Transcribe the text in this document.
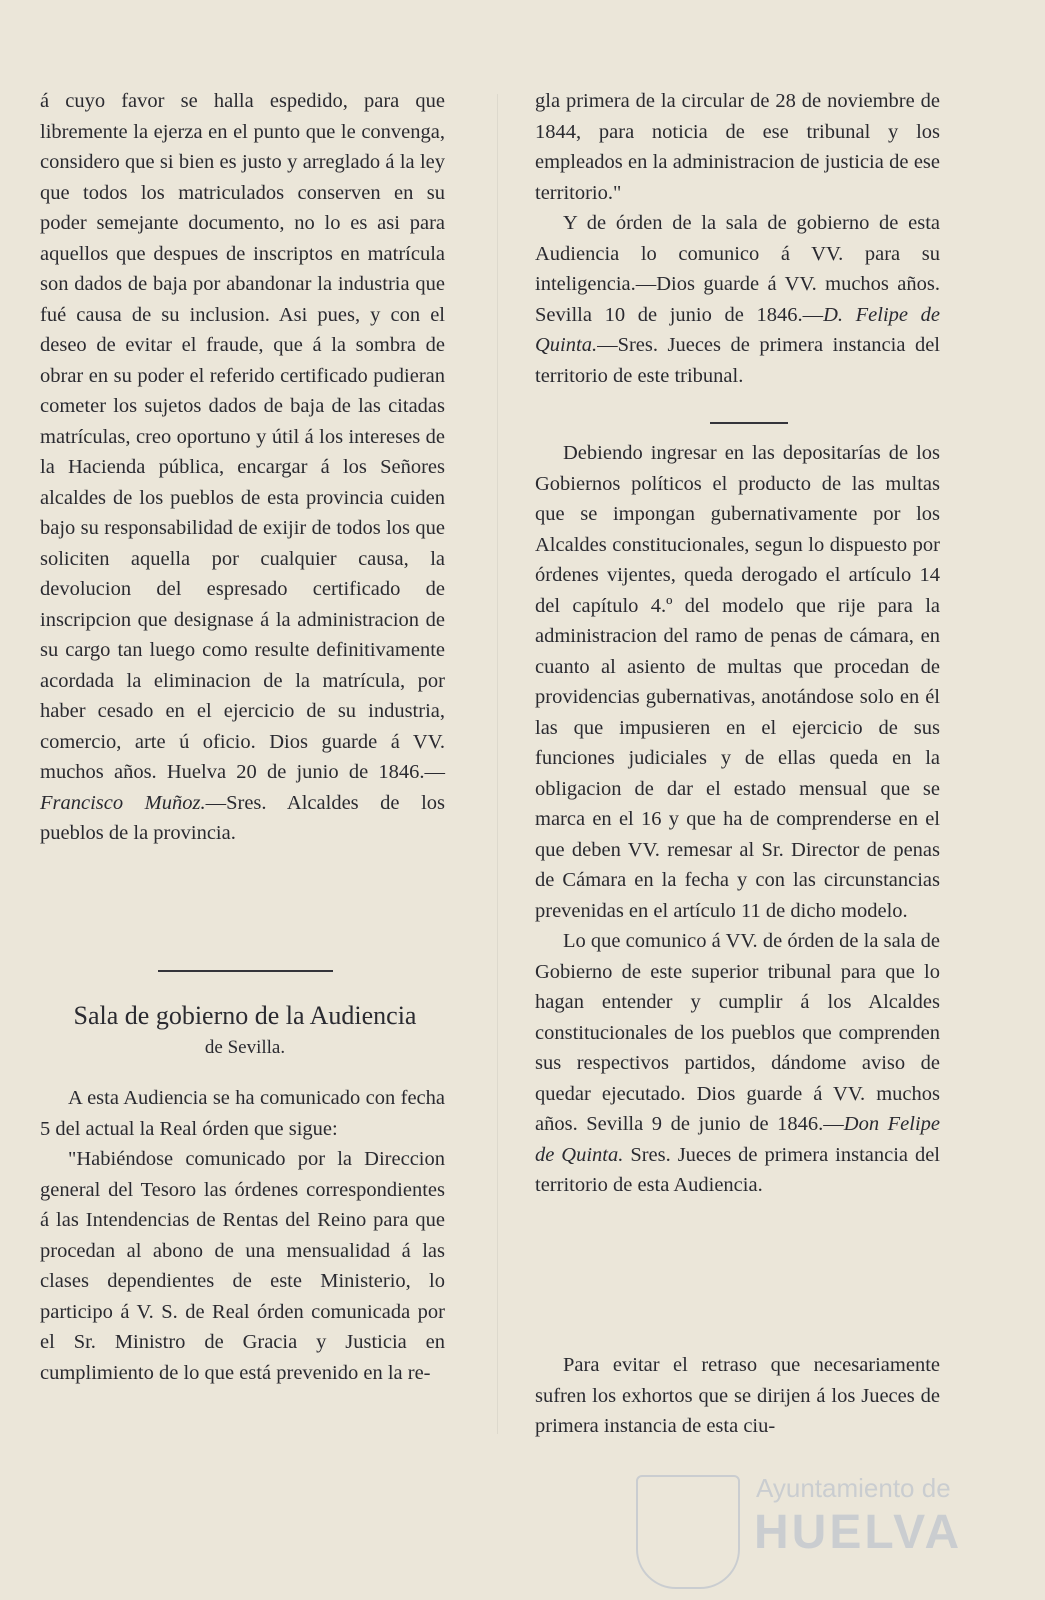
á cuyo favor se halla espedido, para que libremente la ejerza en el punto que le convenga, considero que si bien es justo y arreglado á la ley que todos los matriculados conserven en su poder semejante documento, no lo es asi para aquellos que despues de inscriptos en matrícula son dados de baja por abandonar la industria que fué causa de su inclusion. Asi pues, y con el deseo de evitar el fraude, que á la sombra de obrar en su poder el referido certificado pudieran cometer los sujetos dados de baja de las citadas matrículas, creo oportuno y útil á los intereses de la Hacienda pública, encargar á los Señores alcaldes de los pueblos de esta provincia cuiden bajo su responsabilidad de exijir de todos los que soliciten aquella por cualquier causa, la devolucion del espresado certificado de inscripcion que designase á la administracion de su cargo tan luego como resulte definitivamente acordada la eliminacion de la matrícula, por haber cesado en el ejercicio de su industria, comercio, arte ú oficio. Dios guarde á VV. muchos años. Huelva 20 de junio de 1846.—Francisco Muñoz.—Sres. Alcaldes de los pueblos de la provincia.

Sala de gobierno de la Audiencia
de Sevilla.

A esta Audiencia se ha comunicado con fecha 5 del actual la Real órden que sigue:

"Habiéndose comunicado por la Direccion general del Tesoro las órdenes correspondientes á las Intendencias de Rentas del Reino para que procedan al abono de una mensualidad á las clases dependientes de este Ministerio, lo participo á V. S. de Real órden comunicada por el Sr. Ministro de Gracia y Justicia en cumplimiento de lo que está prevenido en la re-

gla primera de la circular de 28 de noviembre de 1844, para noticia de ese tribunal y los empleados en la administracion de justicia de ese territorio."

Y de órden de la sala de gobierno de esta Audiencia lo comunico á VV. para su inteligencia.—Dios guarde á VV. muchos años. Sevilla 10 de junio de 1846.—D. Felipe de Quinta.—Sres. Jueces de primera instancia del territorio de este tribunal.

Debiendo ingresar en las depositarías de los Gobiernos políticos el producto de las multas que se impongan gubernativamente por los Alcaldes constitucionales, segun lo dispuesto por órdenes vijentes, queda derogado el artículo 14 del capítulo 4.º del modelo que rije para la administracion del ramo de penas de cámara, en cuanto al asiento de multas que procedan de providencias gubernativas, anotándose solo en él las que impusieren en el ejercicio de sus funciones judiciales y de ellas queda en la obligacion de dar el estado mensual que se marca en el 16 y que ha de comprenderse en el que deben VV. remesar al Sr. Director de penas de Cámara en la fecha y con las circunstancias prevenidas en el artículo 11 de dicho modelo.

Lo que comunico á VV. de órden de la sala de Gobierno de este superior tribunal para que lo hagan entender y cumplir á los Alcaldes constitucionales de los pueblos que comprenden sus respectivos partidos, dándome aviso de quedar ejecutado. Dios guarde á VV. muchos años. Sevilla 9 de junio de 1846.—Don Felipe de Quinta. Sres. Jueces de primera instancia del territorio de esta Audiencia.

Para evitar el retraso que necesariamente sufren los exhortos que se dirijen á los Jueces de primera instancia de esta ciu-

Ayuntamiento de
HUELVA
